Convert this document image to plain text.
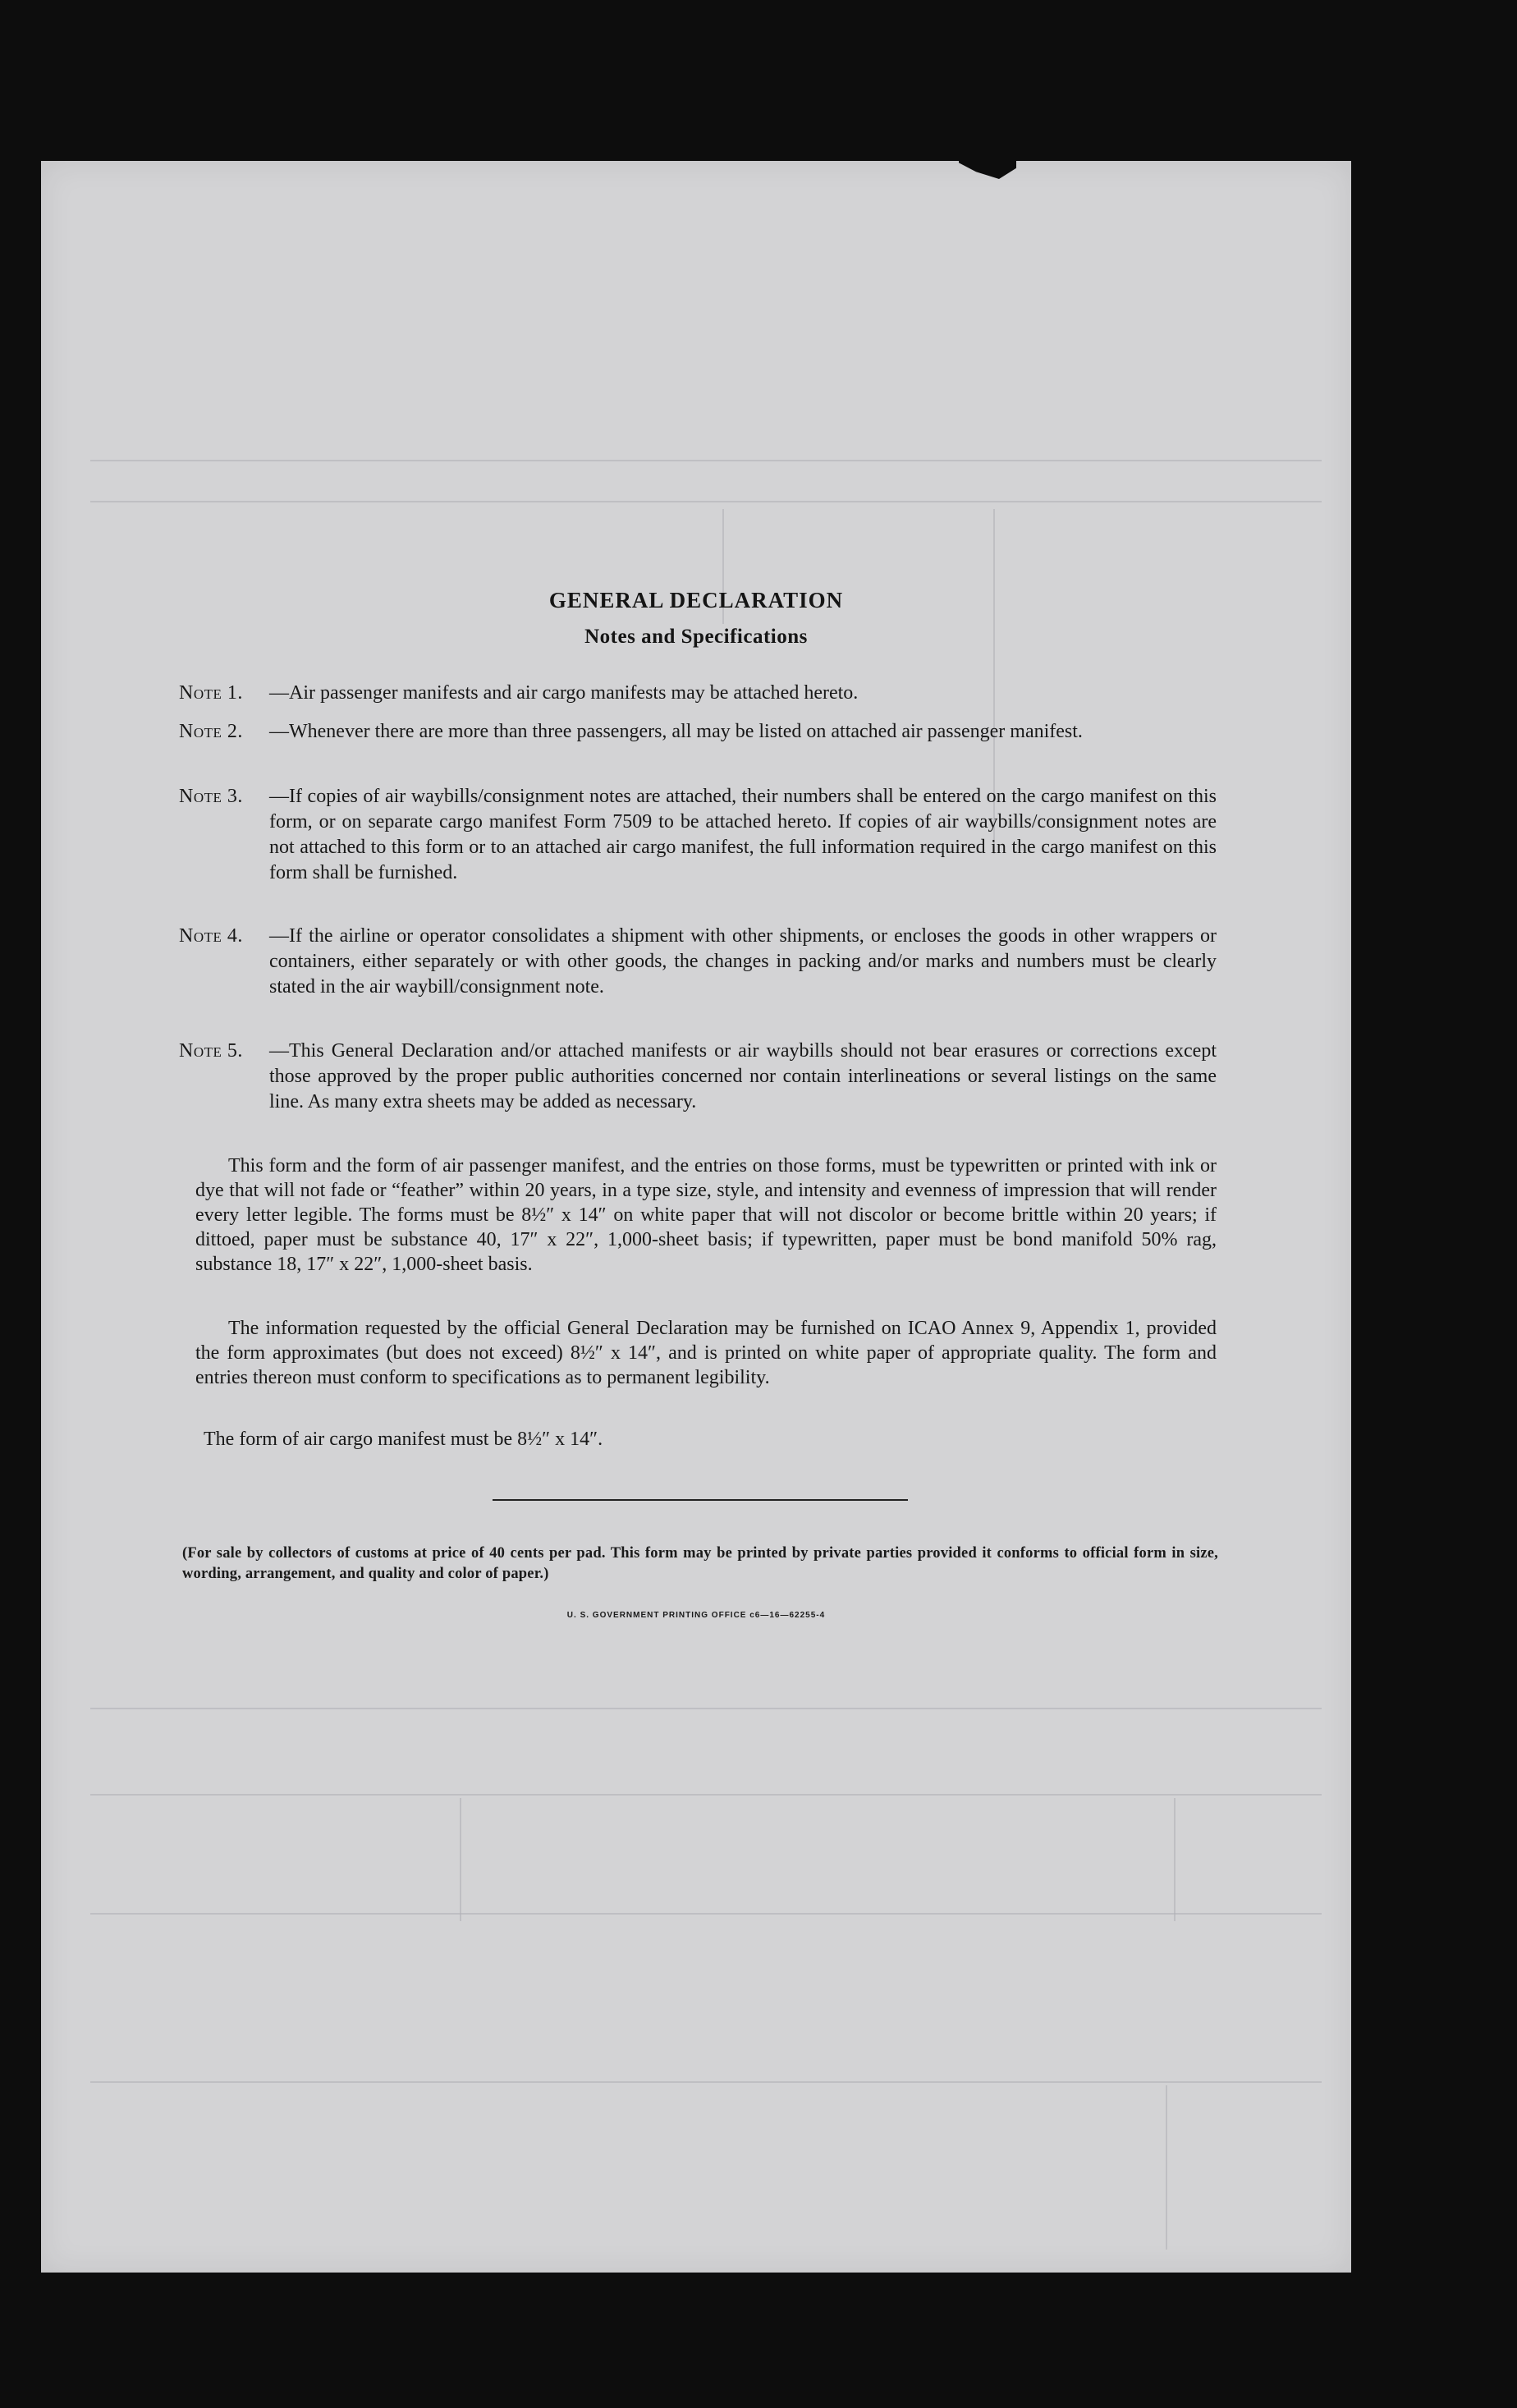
GENERAL DECLARATION
Notes and Specifications
Note 1.	—Air passenger manifests and air cargo manifests may be attached hereto.
Note 2.	—Whenever there are more than three passengers, all may be listed on attached air passenger manifest.
Note 3.	—If copies of air waybills/consignment notes are attached, their numbers shall be entered on the cargo manifest on this form, or on separate cargo manifest Form 7509 to be attached hereto. If copies of air waybills/consignment notes are not attached to this form or to an attached air cargo manifest, the full information required in the cargo manifest on this form shall be furnished.
Note 4.	—If the airline or operator consolidates a shipment with other shipments, or encloses the goods in other wrappers or containers, either separately or with other goods, the changes in packing and/or marks and numbers must be clearly stated in the air waybill/consignment note.
Note 5.	—This General Declaration and/or attached manifests or air waybills should not bear erasures or corrections except those approved by the proper public authorities concerned nor contain interlineations or several listings on the same line. As many extra sheets may be added as necessary.
This form and the form of air passenger manifest, and the entries on those forms, must be typewritten or printed with ink or dye that will not fade or “feather” within 20 years, in a type size, style, and intensity and evenness of impression that will render every letter legible. The forms must be 8½″ x 14″ on white paper that will not discolor or become brittle within 20 years; if dittoed, paper must be substance 40, 17″ x 22″, 1,000-sheet basis; if typewritten, paper must be bond manifold 50% rag, substance 18, 17″ x 22″, 1,000-sheet basis.
The information requested by the official General Declaration may be furnished on ICAO Annex 9, Appendix 1, provided the form approximates (but does not exceed) 8½″ x 14″, and is printed on white paper of appropriate quality. The form and entries thereon must conform to specifications as to permanent legibility.
The form of air cargo manifest must be 8½″ x 14″.
(For sale by collectors of customs at price of 40 cents per pad. This form may be printed by private parties provided it conforms to official form in size, wording, arrangement, and quality and color of paper.)
U. S. GOVERNMENT PRINTING OFFICE c6—16—62255-4
